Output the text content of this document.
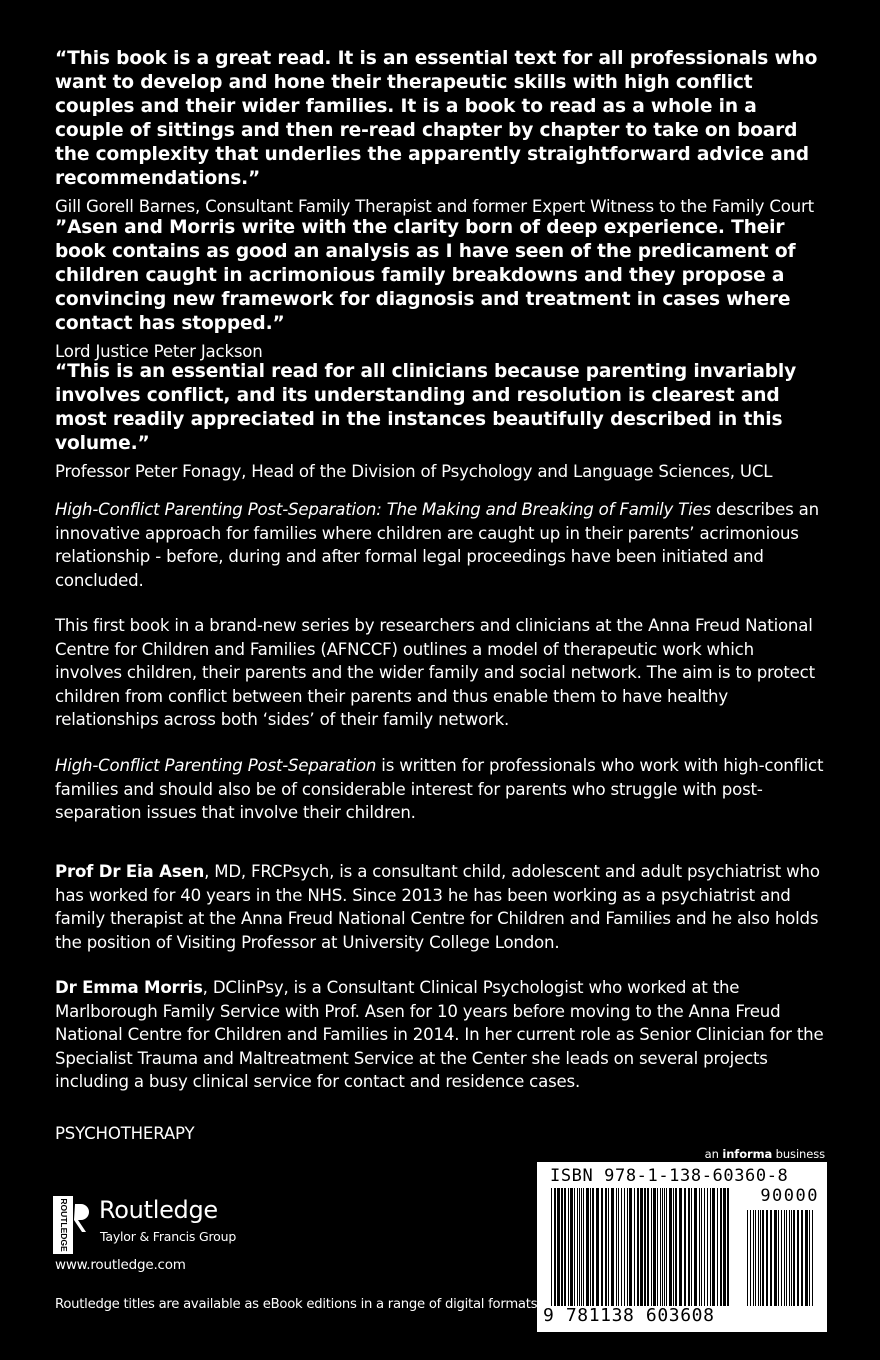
“This book is a great read. It is an essential text for all professionals who want to develop and hone their therapeutic skills with high conflict couples and their wider families. It is a book to read as a whole in a couple of sittings and then re-read chapter by chapter to take on board the complexity that underlies the apparently straightforward advice and recommendations.”

Gill Gorell Barnes, Consultant Family Therapist and former Expert Witness to the Family Court

”Asen and Morris write with the clarity born of deep experience. Their book contains as good an analysis as I have seen of the predicament of children caught in acrimonious family breakdowns and they propose a convincing new framework for diagnosis and treatment in cases where contact has stopped.”

Lord Justice Peter Jackson

“This is an essential read for all clinicians because parenting invariably involves conflict, and its understanding and resolution is clearest and most readily appreciated in the instances beautifully described in this volume.”

Professor Peter Fonagy, Head of the Division of Psychology and Language Sciences, UCL

High-Conflict Parenting Post-Separation: The Making and Breaking of Family Ties describes an innovative approach for families where children are caught up in their parents’ acrimonious relationship - before, during and after formal legal proceedings have been initiated and concluded.

This first book in a brand-new series by researchers and clinicians at the Anna Freud National Centre for Children and Families (AFNCCF) outlines a model of therapeutic work which involves children, their parents and the wider family and social network. The aim is to protect children from conflict between their parents and thus enable them to have healthy relationships across both ‘sides’ of their family network.

High-Conflict Parenting Post-Separation is written for professionals who work with high-conflict families and should also be of considerable interest for parents who struggle with post-separation issues that involve their children.

Prof Dr Eia Asen, MD, FRCPsych, is a consultant child, adolescent and adult psychiatrist who has worked for 40 years in the NHS. Since 2013 he has been working as a psychiatrist and family therapist at the Anna Freud National Centre for Children and Families and he also holds the position of Visiting Professor at University College London.

Dr Emma Morris, DClinPsy, is a Consultant Clinical Psychologist who worked at the Marlborough Family Service with Prof. Asen for 10 years before moving to the Anna Freud National Centre for Children and Families in 2014. In her current role as Senior Clinician for the Specialist Trauma and Maltreatment Service at the Center she leads on several projects including a busy clinical service for contact and residence cases.

PSYCHOTHERAPY
ROUTLEDGE Routledge
Taylor & Francis Group
www.routledge.com
Routledge titles are available as eBook editions in a range of digital formats
an informa business
ISBN 978-1-138-60360-8
90000
9 781138 603608
